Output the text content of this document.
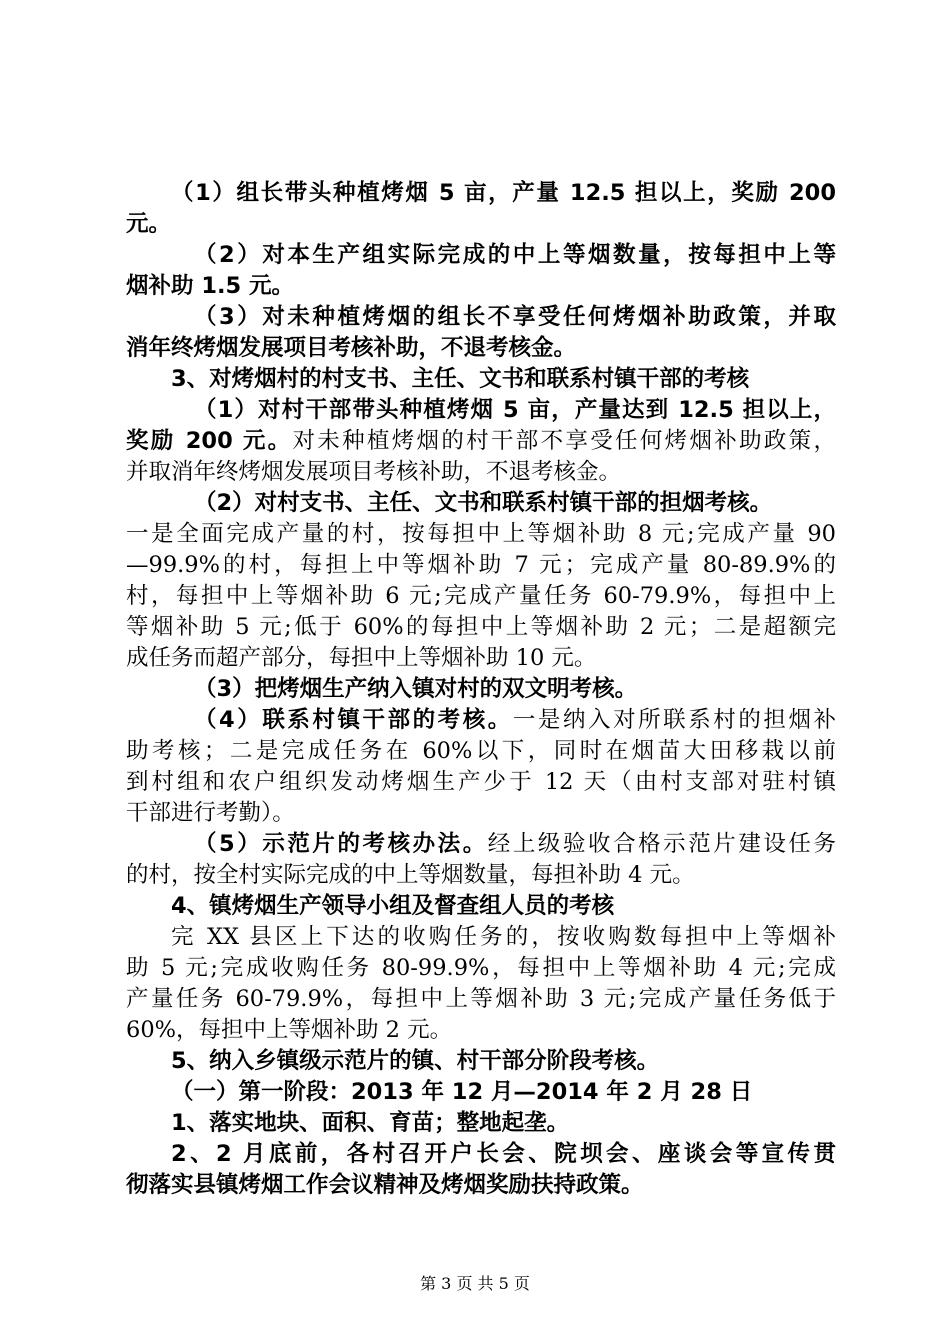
（1）组长带头种植烤烟 5 亩，产量 12.5 担以上，奖励 200
元。
（2）对本生产组实际完成的中上等烟数量，按每担中上等
烟补助 1.5 元。
（3）对未种植烤烟的组长不享受任何烤烟补助政策，并取
消年终烤烟发展项目考核补助，不退考核金。
3、对烤烟村的村支书、主任、文书和联系村镇干部的考核
（1）对村干部带头种植烤烟 5 亩，产量达到 12.5 担以上，
奖励 200 元。对未种植烤烟的村干部不享受任何烤烟补助政策，
并取消年终烤烟发展项目考核补助，不退考核金。
（2）对村支书、主任、文书和联系村镇干部的担烟考核。
一是全面完成产量的村，按每担中上等烟补助 8 元;完成产量 90
—99.9%的村，每担上中等烟补助 7 元；完成产量 80-89.9%的
村，每担中上等烟补助 6 元;完成产量任务 60-79.9%，每担中上
等烟补助 5 元;低于 60%的每担中上等烟补助 2 元；二是超额完
成任务而超产部分，每担中上等烟补助 10 元。
（3）把烤烟生产纳入镇对村的双文明考核。
（4）联系村镇干部的考核。一是纳入对所联系村的担烟补
助考核；二是完成任务在 60%以下，同时在烟苗大田移栽以前
到村组和农户组织发动烤烟生产少于 12 天（由村支部对驻村镇
干部进行考勤）。
（5）示范片的考核办法。经上级验收合格示范片建设任务
的村，按全村实际完成的中上等烟数量，每担补助 4 元。
4、镇烤烟生产领导小组及督查组人员的考核
完 XX 县区上下达的收购任务的，按收购数每担中上等烟补
助 5 元;完成收购任务 80-99.9%，每担中上等烟补助 4 元;完成
产量任务 60-79.9%，每担中上等烟补助 3 元;完成产量任务低于
60%，每担中上等烟补助 2 元。
5、纳入乡镇级示范片的镇、村干部分阶段考核。
（一）第一阶段：2013 年 12 月—2014 年 2 月 28 日
1、落实地块、面积、育苗；整地起垄。
2、2 月底前，各村召开户长会、院坝会、座谈会等宣传贯
彻落实县镇烤烟工作会议精神及烤烟奖励扶持政策。
第 3 页 共 5 页
